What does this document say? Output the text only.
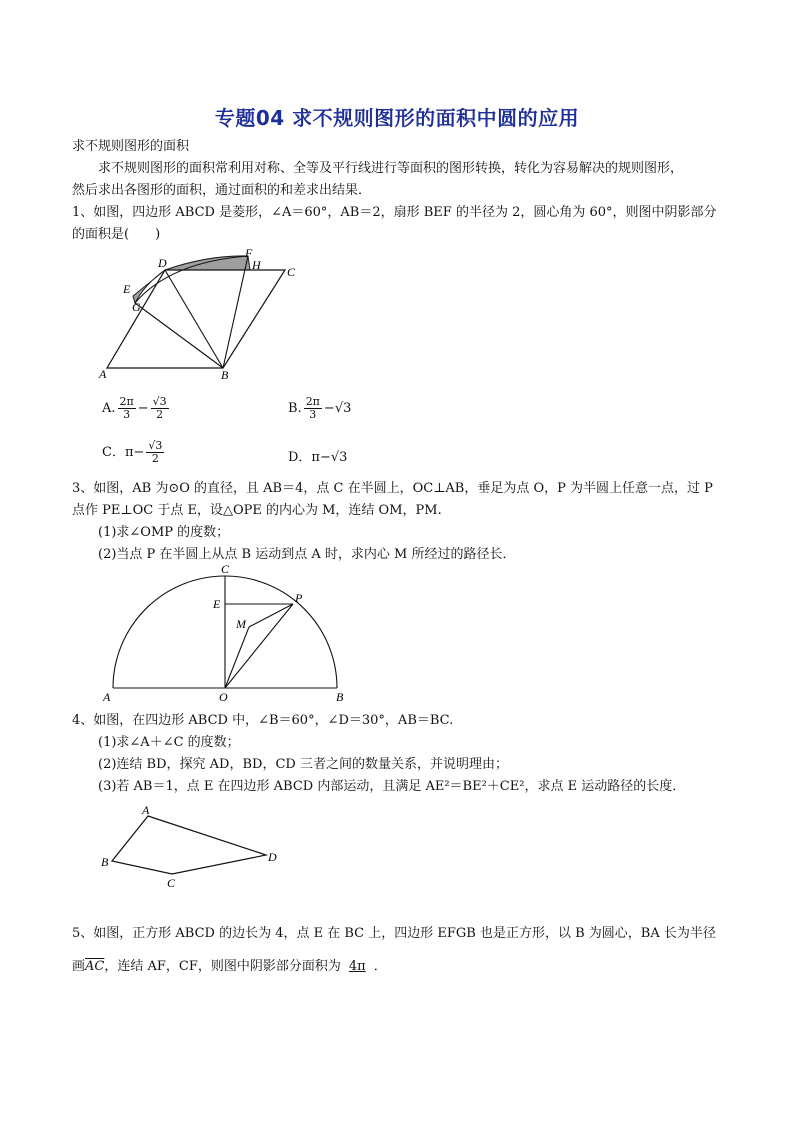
专题04 求不规则图形的面积中圆的应用
求不规则图形的面积
求不规则图形的面积常利用对称、全等及平行线进行等面积的图形转换，转化为容易解决的规则图形，
然后求出各图形的面积，通过面积的和差求出结果．
1、如图，四边形 ABCD 是菱形，∠A＝60°，AB＝2，扇形 BEF 的半径为 2，圆心角为 60°，则图中阴影部分
的面积是(　　)
A	B
C
D
E
F
G
H
A. $\frac{2\pi}{3} - \frac{√3}{2}$	B. $\frac{2\pi}{3} -√3$
C．$\pi- \frac{√3}{2}$	D．π−√3
3、如图，AB 为⊙O 的直径，且 AB＝4，点 C 在半圆上，OC⊥AB，垂足为点 O，P 为半圆上任意一点，过 P
点作 PE⊥OC 于点 E，设△OPE 的内心为 M，连结 OM，PM.
(1)求∠OMP 的度数；
(2)当点 P 在半圆上从点 B 运动到点 A 时，求内心 M 所经过的路径长．
A	B
C
E
M
O
P
4、如图，在四边形 ABCD 中，∠B＝60°，∠D＝30°，AB＝BC.
(1)求∠A＋∠C 的度数；
(2)连结 BD，探究 AD，BD，CD 三者之间的数量关系，并说明理由；
(3)若 AB＝1，点 E 在四边形 ABCD 内部运动，且满足 AE²＝BE²＋CE²，求点 E 运动路径的长度．
A
B
C
D
5、如图，正方形 ABCD 的边长为 4，点 E 在 BC 上，四边形 EFGB 也是正方形，以 B 为圆心，BA 长为半径
画$\overline{AC}$，连结 AF，CF，则图中阴影部分面积为 4π ．
